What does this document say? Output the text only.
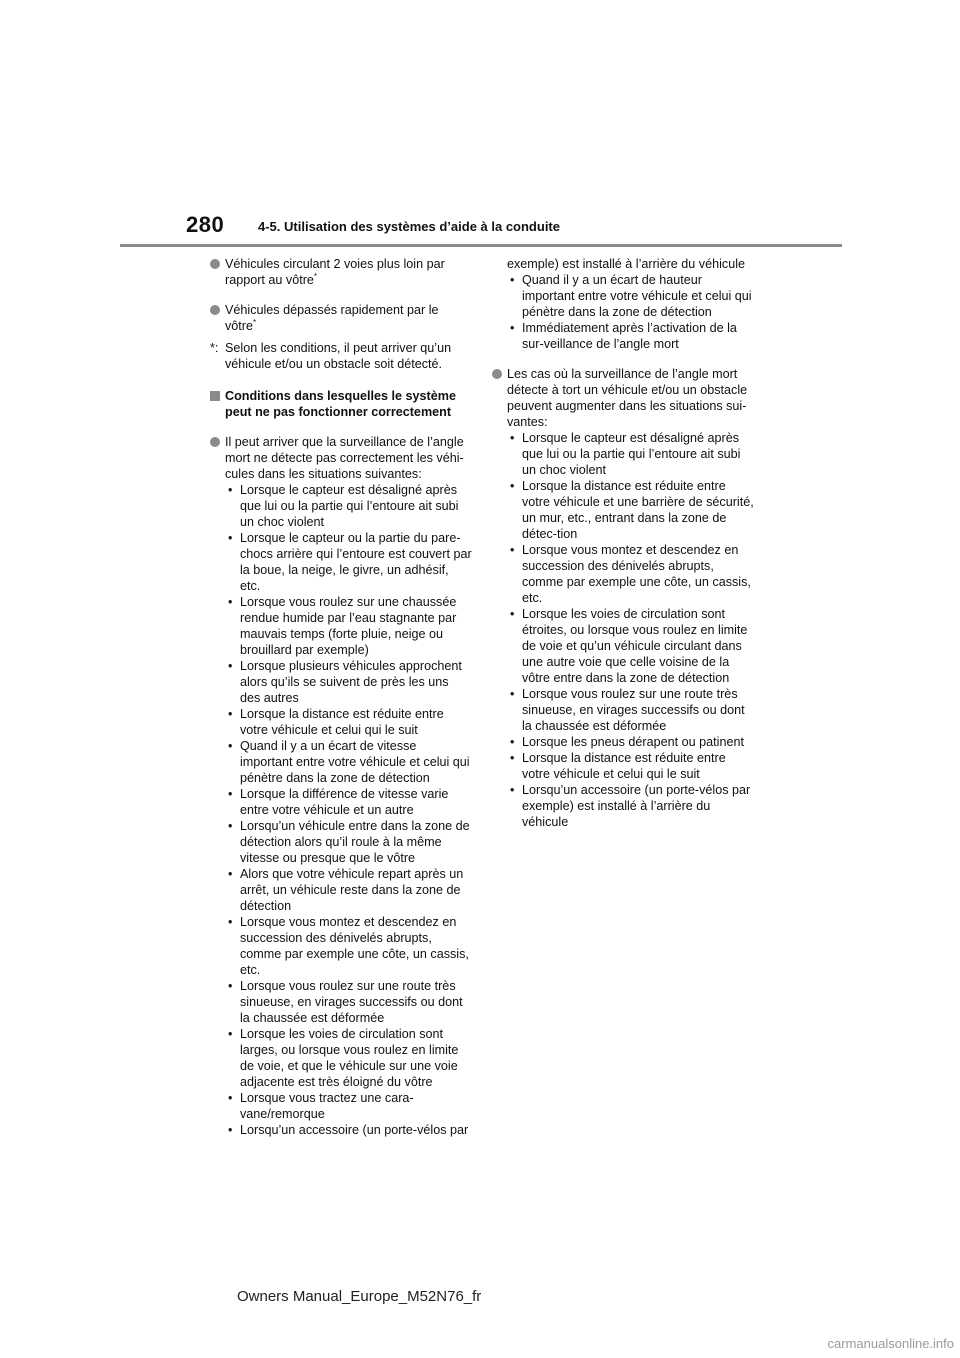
280	4-5. Utilisation des systèmes d’aide à la conduite
Véhicules circulant 2 voies plus loin par rapport au vôtre*
Véhicules dépassés rapidement par le vôtre*
*: Selon les conditions, il peut arriver qu’un véhicule et/ou un obstacle soit détecté.
Conditions dans lesquelles le système peut ne pas fonctionner correctement
Il peut arriver que la surveillance de l’angle mort ne détecte pas correctement les véhi-cules dans les situations suivantes:
• Lorsque le capteur est désaligné après que lui ou la partie qui l’entoure ait subi un choc violent
• Lorsque le capteur ou la partie du pare-chocs arrière qui l’entoure est couvert par la boue, la neige, le givre, un adhésif, etc.
• Lorsque vous roulez sur une chaussée rendue humide par l’eau stagnante par mauvais temps (forte pluie, neige ou brouillard par exemple)
• Lorsque plusieurs véhicules approchent alors qu’ils se suivent de près les uns des autres
• Lorsque la distance est réduite entre votre véhicule et celui qui le suit
• Quand il y a un écart de vitesse important entre votre véhicule et celui qui pénètre dans la zone de détection
• Lorsque la différence de vitesse varie entre votre véhicule et un autre
• Lorsqu’un véhicule entre dans la zone de détection alors qu’il roule à la même vitesse ou presque que le vôtre
• Alors que votre véhicule repart après un arrêt, un véhicule reste dans la zone de détection
• Lorsque vous montez et descendez en succession des dénivelés abrupts, comme par exemple une côte, un cassis, etc.
• Lorsque vous roulez sur une route très sinueuse, en virages successifs ou dont la chaussée est déformée
• Lorsque les voies de circulation sont larges, ou lorsque vous roulez en limite de voie, et que le véhicule sur une voie adjacente est très éloigné du vôtre
• Lorsque vous tractez une cara-vane/remorque
• Lorsqu’un accessoire (un porte-vélos par
exemple) est installé à l’arrière du véhicule
• Quand il y a un écart de hauteur important entre votre véhicule et celui qui pénètre dans la zone de détection
• Immédiatement après l’activation de la sur-veillance de l’angle mort
Les cas où la surveillance de l’angle mort détecte à tort un véhicule et/ou un obstacle peuvent augmenter dans les situations sui-vantes:
• Lorsque le capteur est désaligné après que lui ou la partie qui l’entoure ait subi un choc violent
• Lorsque la distance est réduite entre votre véhicule et une barrière de sécurité, un mur, etc., entrant dans la zone de détec-tion
• Lorsque vous montez et descendez en succession des dénivelés abrupts, comme par exemple une côte, un cassis, etc.
• Lorsque les voies de circulation sont étroites, ou lorsque vous roulez en limite de voie et qu’un véhicule circulant dans une autre voie que celle voisine de la vôtre entre dans la zone de détection
• Lorsque vous roulez sur une route très sinueuse, en virages successifs ou dont la chaussée est déformée
• Lorsque les pneus dérapent ou patinent
• Lorsque la distance est réduite entre votre véhicule et celui qui le suit
• Lorsqu’un accessoire (un porte-vélos par exemple) est installé à l’arrière du véhicule
Owners Manual_Europe_M52N76_fr
carmanualsonline.info
